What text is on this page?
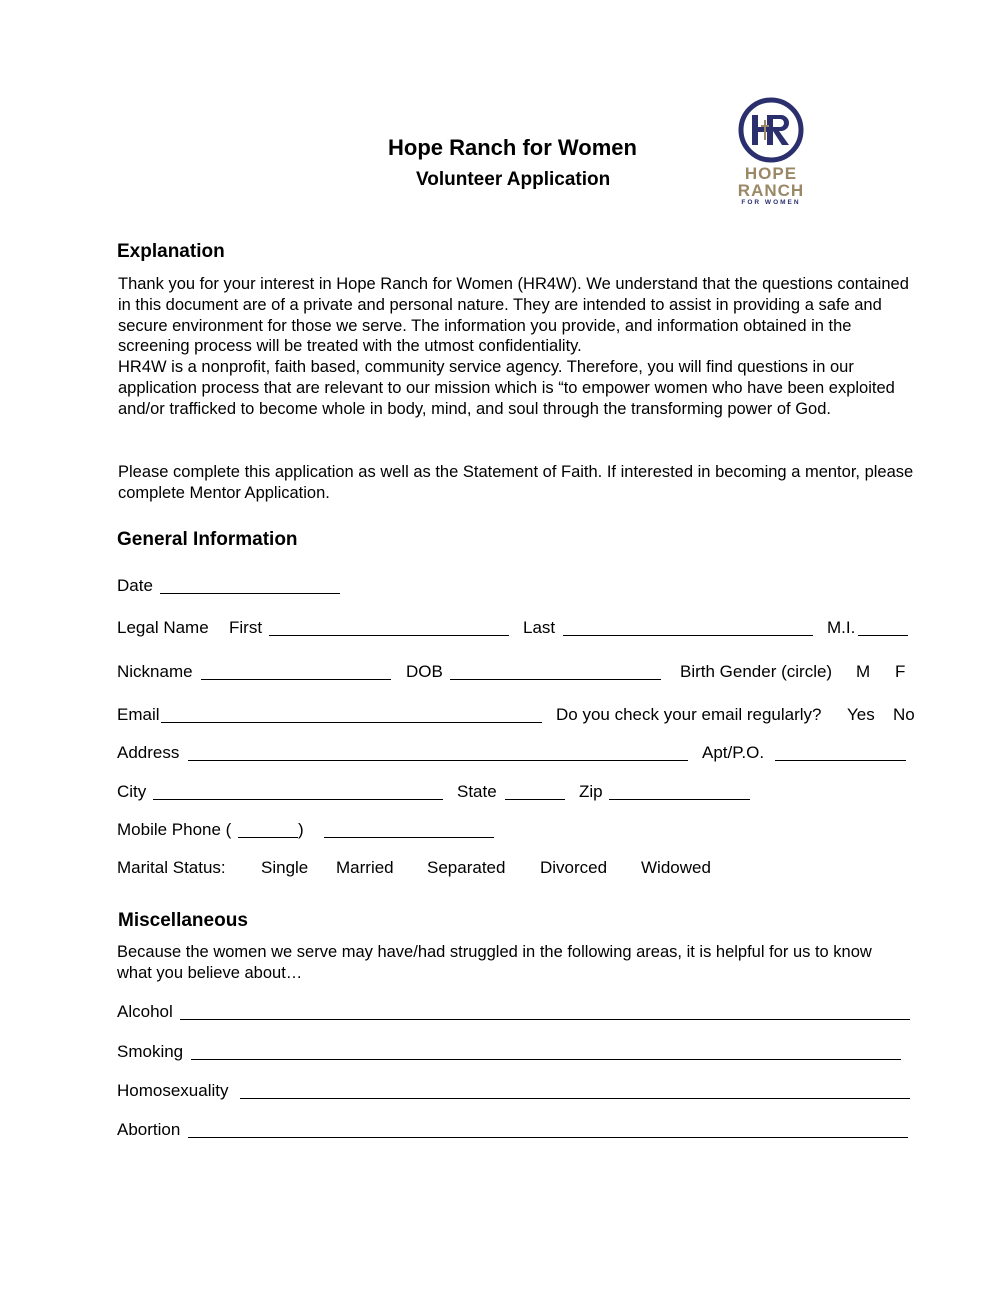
Hope Ranch for Women
Volunteer Application	HOPE
RANCH
FOR WOMEN
Explanation
Thank you for your interest in Hope Ranch for Women (HR4W). We understand that the questions contained in this document are of a private and personal nature. They are intended to assist in providing a safe and secure environment for those we serve. The information you provide, and information obtained in the screening process will be treated with the utmost confidentiality.
HR4W is a nonprofit, faith based, community service agency. Therefore, you will find questions in our application process that are relevant to our mission which is “to empower women who have been exploited and/or trafficked to become whole in body, mind, and soul through the transforming power of God.
Please complete this application as well as the Statement of Faith. If interested in becoming a mentor, please complete Mentor Application.
General Information
Date
Legal Name First	Last	M.I.
Nickname	DOB	Birth Gender (circle) M F
Email	Do you check your email regularly? Yes No
Address	Apt/P.O.
City	State	Zip
Mobile Phone (	)
Marital Status: Single Married Separated Divorced Widowed
Miscellaneous
Because the women we serve may have/had struggled in the following areas, it is helpful for us to know what you believe about…
Alcohol
Smoking
Homosexuality
Abortion
